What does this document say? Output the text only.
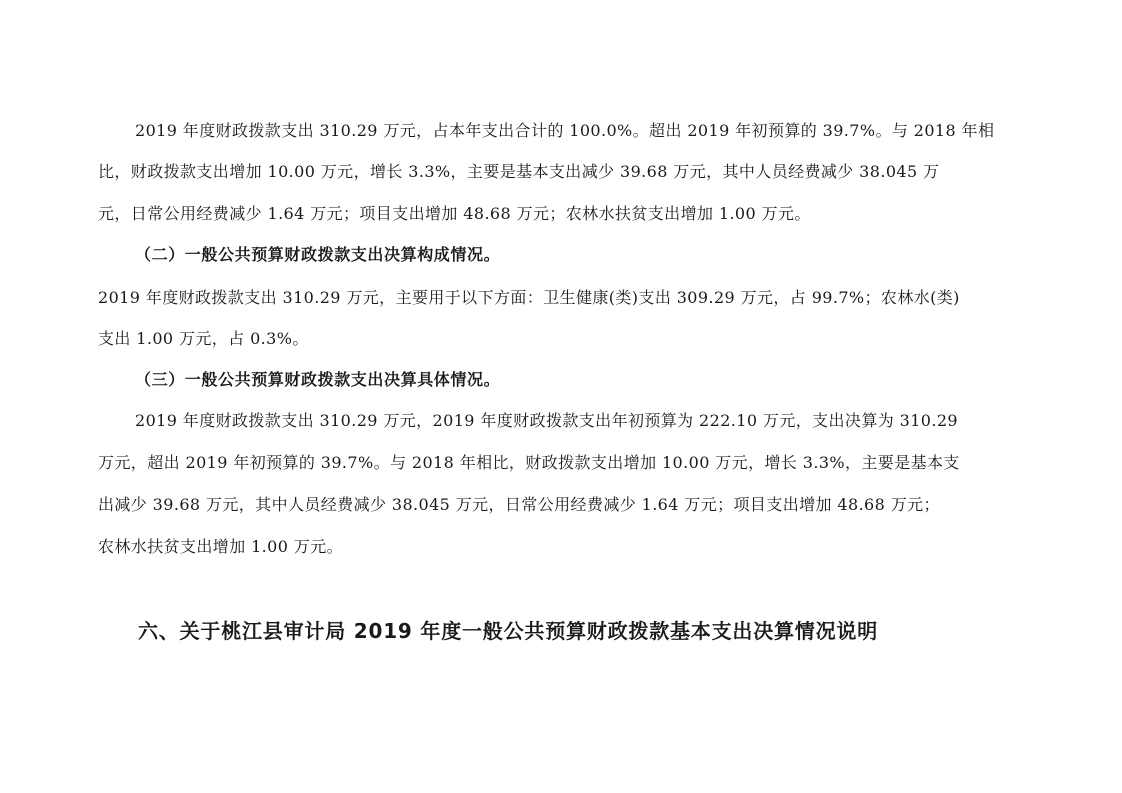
2019 年度财政拨款支出 310.29 万元，占本年支出合计的 100.0%。超出 2019 年初预算的 39.7%。与 2018 年相
比，财政拨款支出增加 10.00 万元，增长 3.3%，主要是基本支出减少 39.68 万元，其中人员经费减少 38.045 万
元，日常公用经费减少 1.64 万元；项目支出增加 48.68 万元；农林水扶贫支出增加 1.00 万元。
（二）一般公共预算财政拨款支出决算构成情况。
2019 年度财政拨款支出 310.29 万元，主要用于以下方面：卫生健康(类)支出 309.29 万元，占 99.7%；农林水(类)
支出 1.00 万元，占 0.3%。
（三）一般公共预算财政拨款支出决算具体情况。
2019 年度财政拨款支出 310.29 万元，2019 年度财政拨款支出年初预算为 222.10 万元，支出决算为 310.29
万元，超出 2019 年初预算的 39.7%。与 2018 年相比，财政拨款支出增加 10.00 万元，增长 3.3%，主要是基本支
出减少 39.68 万元，其中人员经费减少 38.045 万元，日常公用经费减少 1.64 万元；项目支出增加 48.68 万元；
农林水扶贫支出增加 1.00 万元。
六、关于桃江县审计局 2019 年度一般公共预算财政拨款基本支出决算情况说明
